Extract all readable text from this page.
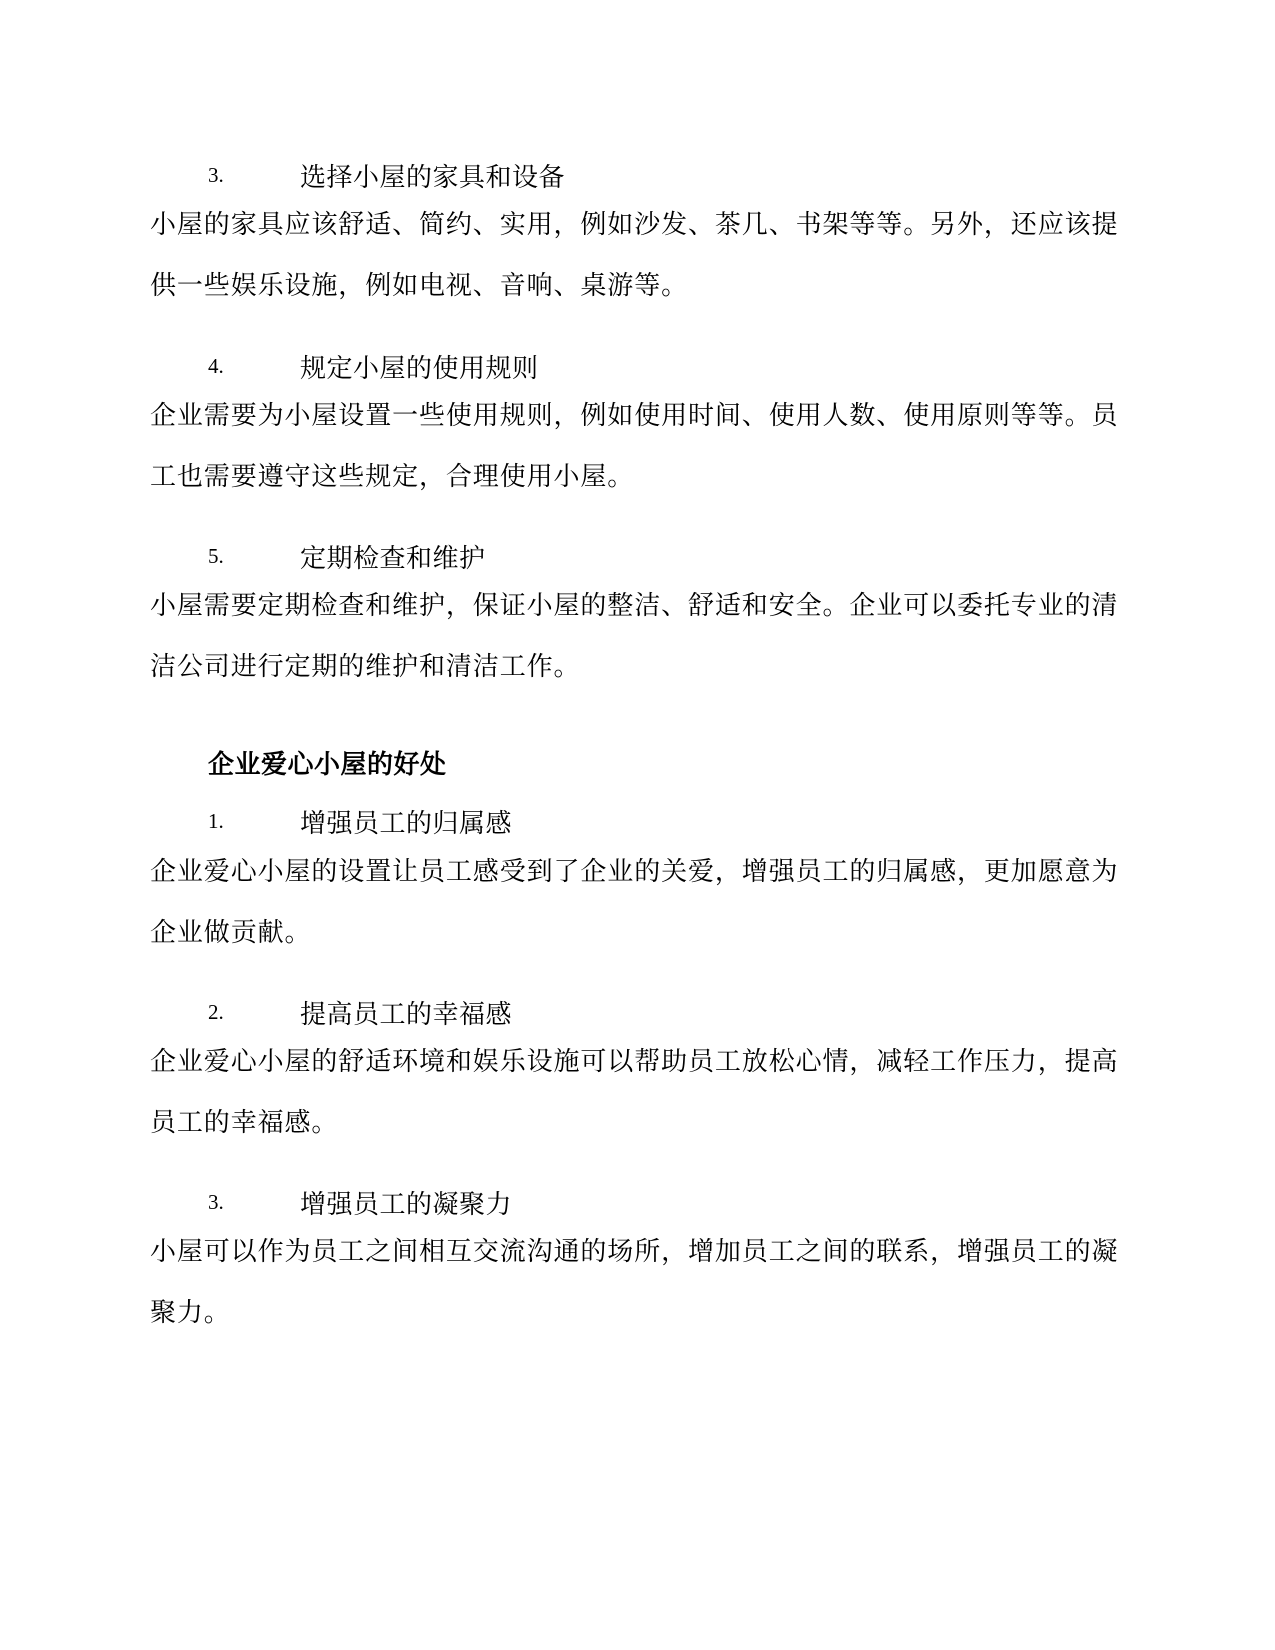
3.	选择小屋的家具和设备

小屋的家具应该舒适、简约、实用，例如沙发、茶几、书架等等。另外，还应该提供一些娱乐设施，例如电视、音响、桌游等。

4.	规定小屋的使用规则

企业需要为小屋设置一些使用规则，例如使用时间、使用人数、使用原则等等。员工也需要遵守这些规定，合理使用小屋。

5.	定期检查和维护

小屋需要定期检查和维护，保证小屋的整洁、舒适和安全。企业可以委托专业的清洁公司进行定期的维护和清洁工作。

企业爱心小屋的好处
1.	增强员工的归属感

企业爱心小屋的设置让员工感受到了企业的关爱，增强员工的归属感，更加愿意为企业做贡献。

2.	提高员工的幸福感

企业爱心小屋的舒适环境和娱乐设施可以帮助员工放松心情，减轻工作压力，提高员工的幸福感。

3.	增强员工的凝聚力

小屋可以作为员工之间相互交流沟通的场所，增加员工之间的联系，增强员工的凝聚力。
